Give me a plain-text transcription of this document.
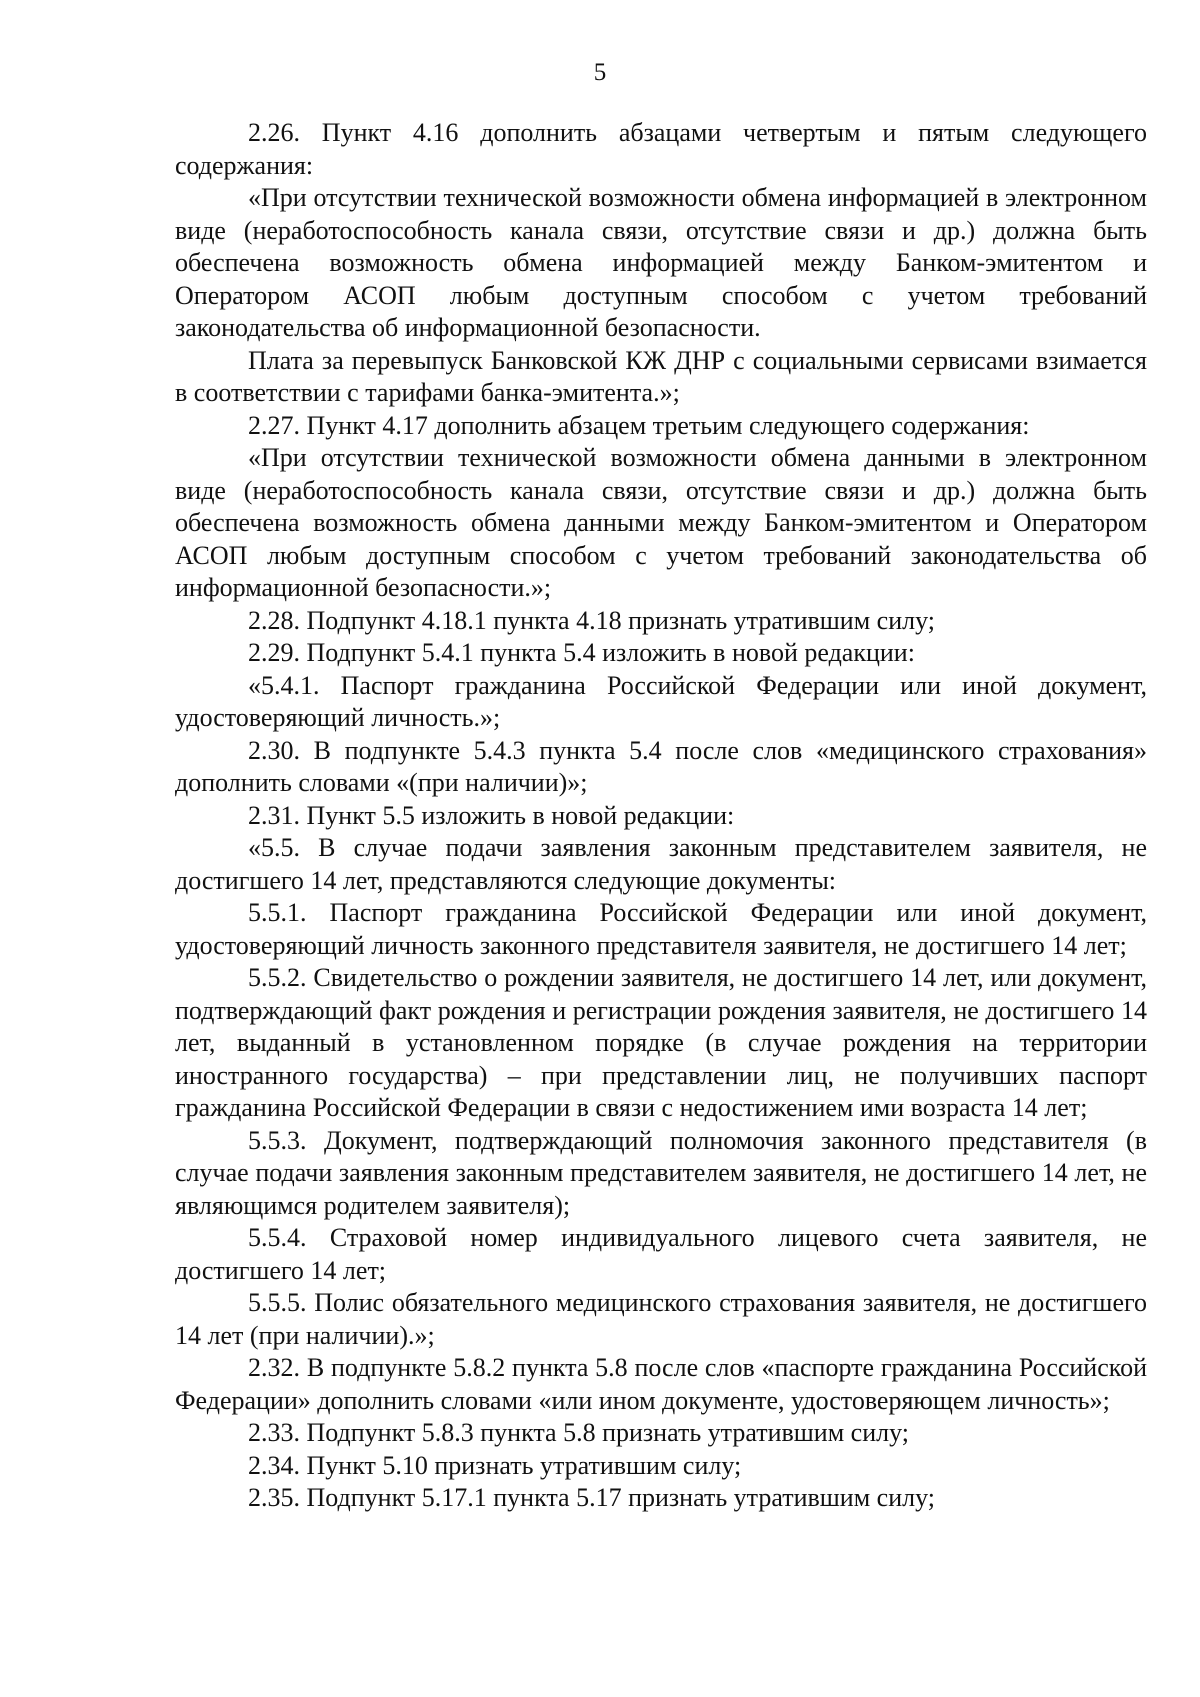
5

2.26. Пункт 4.16 дополнить абзацами четвертым и пятым следующего содержания:

«При отсутствии технической возможности обмена информацией в электронном виде (неработоспособность канала связи, отсутствие связи и др.) должна быть обеспечена возможность обмена информацией между Банком-эмитентом и Оператором АСОП любым доступным способом с учетом требований законодательства об информационной безопасности.

Плата за перевыпуск Банковской КЖ ДНР с социальными сервисами взимается в соответствии с тарифами банка-эмитента.»;

2.27. Пункт 4.17 дополнить абзацем третьим следующего содержания:

«При отсутствии технической возможности обмена данными в электронном виде (неработоспособность канала связи, отсутствие связи и др.) должна быть обеспечена возможность обмена данными между Банком-эмитентом и Оператором АСОП любым доступным способом с учетом требований законодательства об информационной безопасности.»;

2.28. Подпункт 4.18.1 пункта 4.18 признать утратившим силу;

2.29. Подпункт 5.4.1 пункта 5.4 изложить в новой редакции:

«5.4.1. Паспорт гражданина Российской Федерации или иной документ, удостоверяющий личность.»;

2.30. В подпункте 5.4.3 пункта 5.4 после слов «медицинского страхования» дополнить словами «(при наличии)»;

2.31. Пункт 5.5 изложить в новой редакции:

«5.5. В случае подачи заявления законным представителем заявителя, не достигшего 14 лет, представляются следующие документы:

5.5.1. Паспорт гражданина Российской Федерации или иной документ, удостоверяющий личность законного представителя заявителя, не достигшего 14 лет;

5.5.2. Свидетельство о рождении заявителя, не достигшего 14 лет, или документ, подтверждающий факт рождения и регистрации рождения заявителя, не достигшего 14 лет, выданный в установленном порядке (в случае рождения на территории иностранного государства) – при представлении лиц, не получивших паспорт гражданина Российской Федерации в связи с недостижением ими возраста 14 лет;

5.5.3. Документ, подтверждающий полномочия законного представителя (в случае подачи заявления законным представителем заявителя, не достигшего 14 лет, не являющимся родителем заявителя);

5.5.4. Страховой номер индивидуального лицевого счета заявителя, не достигшего 14 лет;

5.5.5. Полис обязательного медицинского страхования заявителя, не достигшего 14 лет (при наличии).»;

2.32. В подпункте 5.8.2 пункта 5.8 после слов «паспорте гражданина Российской Федерации» дополнить словами «или ином документе, удостоверяющем личность»;

2.33. Подпункт 5.8.3 пункта 5.8 признать утратившим силу;

2.34. Пункт 5.10 признать утратившим силу;

2.35. Подпункт 5.17.1 пункта 5.17 признать утратившим силу;
